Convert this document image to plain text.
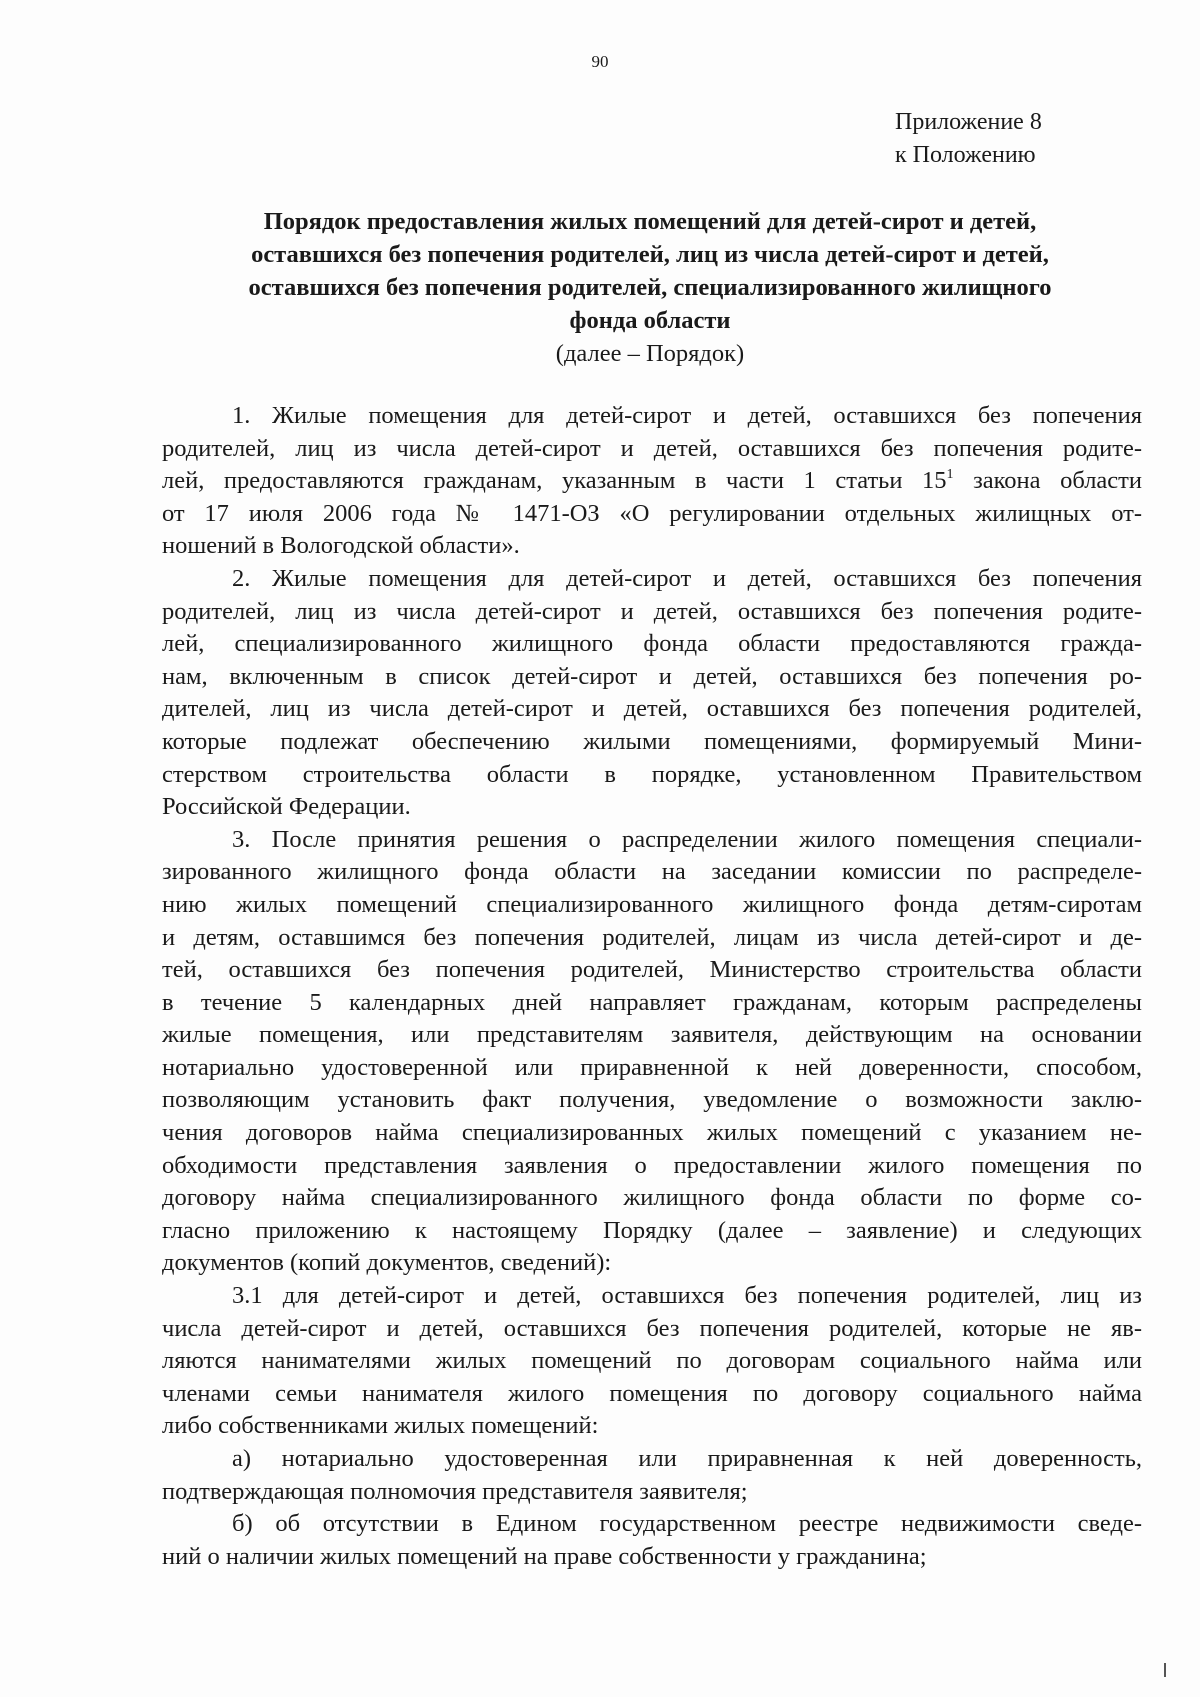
90
Приложение 8
к Положению
Порядок предоставления жилых помещений для детей-сирот и детей,
оставшихся без попечения родителей, лиц из числа детей-сирот и детей,
оставшихся без попечения родителей, специализированного жилищного
фонда области
(далее – Порядок)
1. Жилые помещения для детей-сирот и детей, оставшихся без попечения
родителей, лиц из числа детей-сирот и детей, оставшихся без попечения родите-
лей, предоставляются гражданам, указанным в части 1 статьи $15^1$ закона области
от 17 июля 2006 года № 1471-ОЗ «О регулировании отдельных жилищных от-
ношений в Вологодской области».
2. Жилые помещения для детей-сирот и детей, оставшихся без попечения
родителей, лиц из числа детей-сирот и детей, оставшихся без попечения родите-
лей, специализированного жилищного фонда области предоставляются гражда-
нам, включенным в список детей-сирот и детей, оставшихся без попечения ро-
дителей, лиц из числа детей-сирот и детей, оставшихся без попечения родителей,
которые подлежат обеспечению жилыми помещениями, формируемый Мини-
стерством строительства области в порядке, установленном Правительством
Российской Федерации.
3. После принятия решения о распределении жилого помещения специали-
зированного жилищного фонда области на заседании комиссии по распределе-
нию жилых помещений специализированного жилищного фонда детям-сиротам
и детям, оставшимся без попечения родителей, лицам из числа детей-сирот и де-
тей, оставшихся без попечения родителей, Министерство строительства области
в течение 5 календарных дней направляет гражданам, которым распределены
жилые помещения, или представителям заявителя, действующим на основании
нотариально удостоверенной или приравненной к ней доверенности, способом,
позволяющим установить факт получения, уведомление о возможности заклю-
чения договоров найма специализированных жилых помещений с указанием не-
обходимости представления заявления о предоставлении жилого помещения по
договору найма специализированного жилищного фонда области по форме со-
гласно приложению к настоящему Порядку (далее – заявление) и следующих
документов (копий документов, сведений):
3.1 для детей-сирот и детей, оставшихся без попечения родителей, лиц из
числа детей-сирот и детей, оставшихся без попечения родителей, которые не яв-
ляются нанимателями жилых помещений по договорам социального найма или
членами семьи нанимателя жилого помещения по договору социального найма
либо собственниками жилых помещений:
а) нотариально удостоверенная или приравненная к ней доверенность,
подтверждающая полномочия представителя заявителя;
б) об отсутствии в Едином государственном реестре недвижимости сведе-
ний о наличии жилых помещений на праве собственности у гражданина;
